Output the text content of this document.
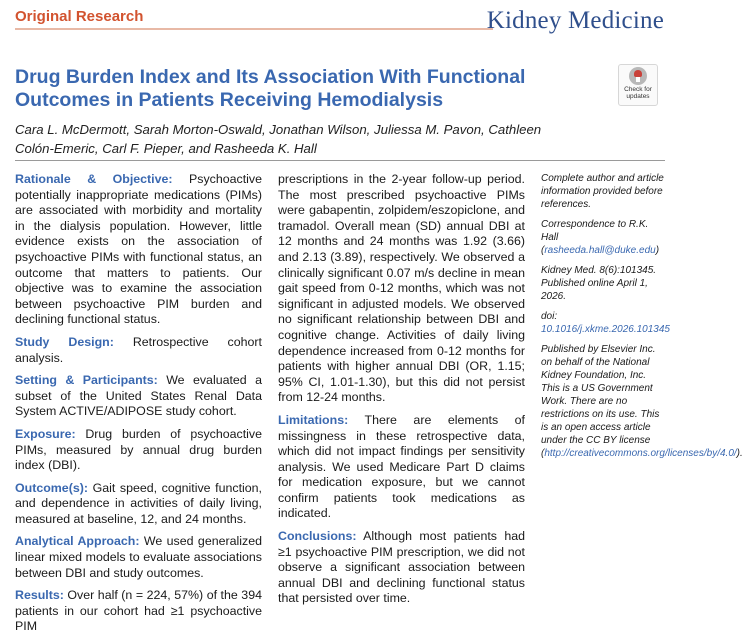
Original Research	Kidney Medicine
Drug Burden Index and Its Association With Functional Outcomes in Patients Receiving Hemodialysis	Check for
updates
Cara L. McDermott, Sarah Morton-Oswald, Jonathan Wilson, Juliessa M. Pavon, Cathleen Colón-Emeric, Carl F. Pieper, and Rasheeda K. Hall

Rationale & Objective: Psychoactive potentially inappropriate medications (PIMs) are associated with morbidity and mortality in the dialysis population. However, little evidence exists on the association of psychoactive PIMs with functional status, an outcome that matters to patients. Our objective was to examine the association between psychoactive PIM burden and declining functional status.

Study Design: Retrospective cohort analysis.

Setting & Participants: We evaluated a subset of the United States Renal Data System ACTIVE/ADIPOSE study cohort.

Exposure: Drug burden of psychoactive PIMs, measured by annual drug burden index (DBI).

Outcome(s): Gait speed, cognitive function, and dependence in activities of daily living, measured at baseline, 12, and 24 months.

Analytical Approach: We used generalized linear mixed models to evaluate associations between DBI and study outcomes.

Results: Over half (n = 224, 57%) of the 394 patients in our cohort had ≥1 psychoactive PIM

prescriptions in the 2-year follow-up period. The most prescribed psychoactive PIMs were gabapentin, zolpidem/eszopiclone, and tramadol. Overall mean (SD) annual DBI at 12 months and 24 months was 1.92 (3.66) and 2.13 (3.89), respectively. We observed a clinically significant 0.07 m/s decline in mean gait speed from 0-12 months, which was not significant in adjusted models. We observed no significant relationship between DBI and cognitive change. Activities of daily living dependence increased from 0-12 months for patients with higher annual DBI (OR, 1.15; 95% CI, 1.01-1.30), but this did not persist from 12-24 months.

Limitations: There are elements of missingness in these retrospective data, which did not impact findings per sensitivity analysis. We used Medicare Part D claims for medication exposure, but we cannot confirm patients took medications as indicated.

Conclusions: Although most patients had ≥1 psychoactive PIM prescription, we did not observe a significant association between annual DBI and declining functional status that persisted over time.

Complete author and article information provided before references.

Correspondence to R.K. Hall (rasheeda.hall@duke.edu)

Kidney Med. 8(6):101345. Published online April 1, 2026.

doi: 10.1016/j.xkme.2026.101345

Published by Elsevier Inc. on behalf of the National Kidney Foundation, Inc. This is a US Government Work. There are no restrictions on its use. This is an open access article under the CC BY license (http://creativecommons.org/licenses/by/4.0/).
